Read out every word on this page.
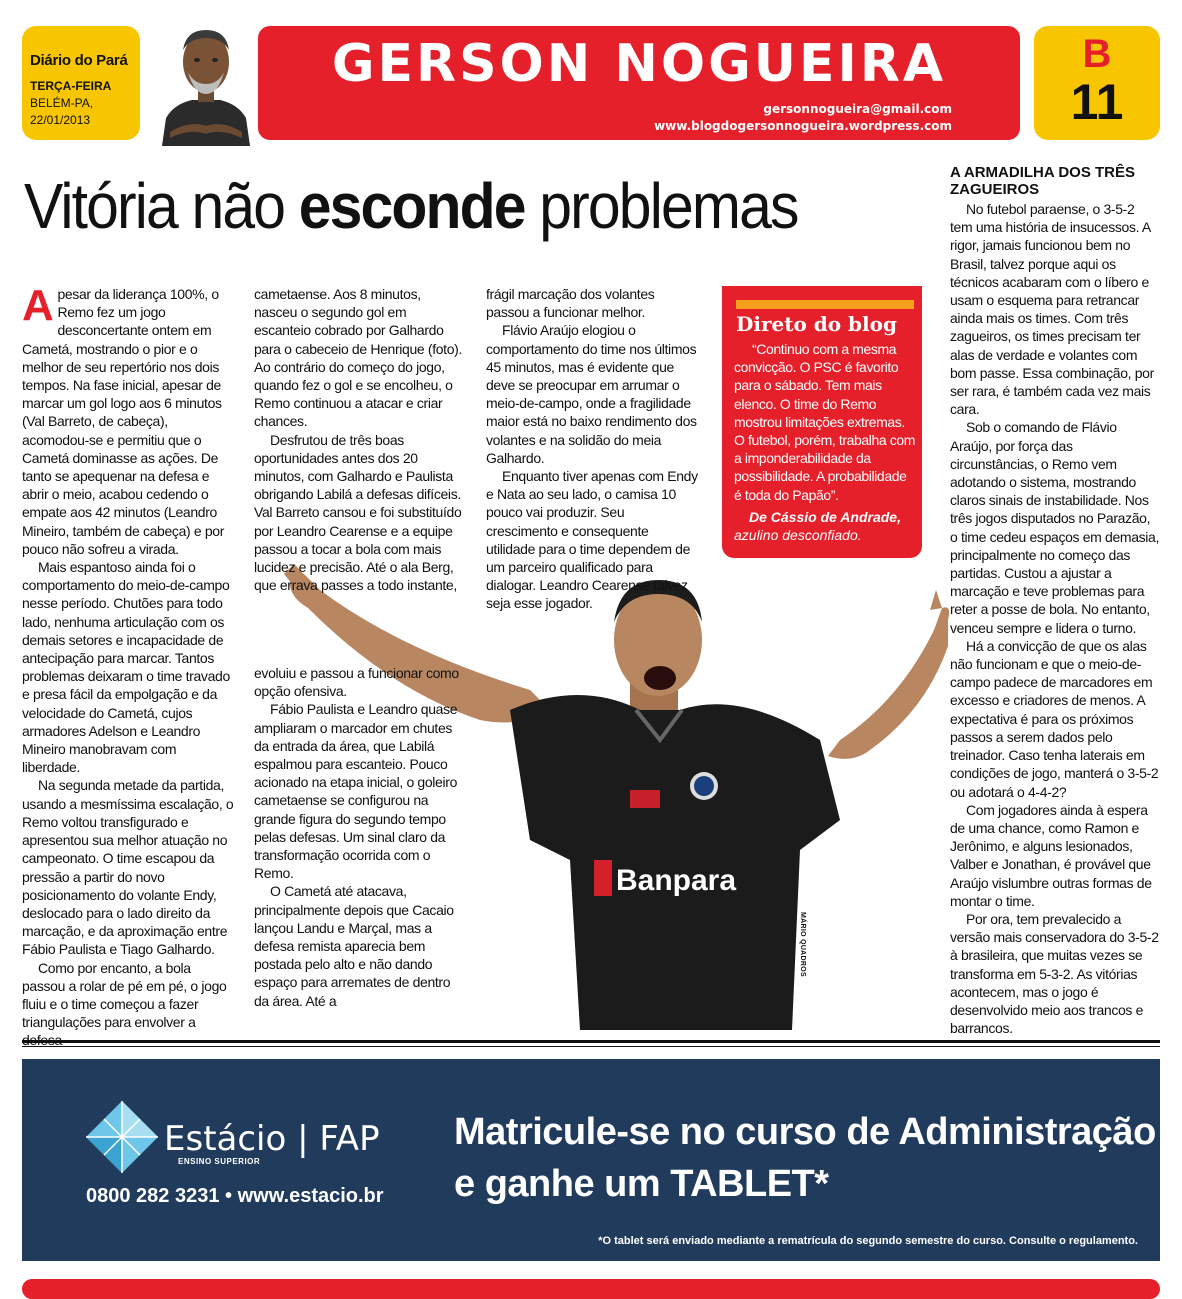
Diário do Pará
TERÇA-FEIRA
BELÉM-PA,
22/01/2013
GERSON NOGUEIRA
gersonnogueira@gmail.com
www.blogdogersonnogueira.wordpress.com
B
11
Vitória não esconde problemas
Banpara
MÁRIO QUADROS

Apesar da liderança 100%, o Remo fez um jogo desconcertante ontem em Cametá, mostrando o pior e o melhor de seu repertório nos dois tempos. Na fase inicial, apesar de marcar um gol logo aos 6 minutos (Val Barreto, de cabeça), acomodou-se e permitiu que o Cametá dominasse as ações. De tanto se apequenar na defesa e abrir o meio, acabou cedendo o empate aos 42 minutos (Leandro Mineiro, também de cabeça) e por pouco não sofreu a virada.

Mais espantoso ainda foi o comportamento do meio-de-campo nesse período. Chutões para todo lado, nenhuma articulação com os demais setores e incapacidade de antecipação para marcar. Tantos problemas deixaram o time travado e presa fácil da empolgação e da velocidade do Cametá, cujos armadores Adelson e Leandro Mineiro manobravam com liberdade.

Na segunda metade da partida, usando a mesmíssima escalação, o Remo voltou transfigurado e apresentou sua melhor atuação no campeonato. O time escapou da pressão a partir do novo posicionamento do volante Endy, deslocado para o lado direito da marcação, e da aproximação entre Fábio Paulista e Tiago Galhardo.

Como por encanto, a bola passou a rolar de pé em pé, o jogo fluiu e o time começou a fazer triangulações para envolver a

cametaense. Aos 8 minutos, nasceu o segundo gol em escanteio cobrado por Galhardo para o cabeceio de Henrique (foto). Ao contrário do começo do jogo, quando fez o gol e se encolheu, o Remo continuou a atacar e criar chances.

Desfrutou de três boas oportunidades antes dos 20 minutos, com Galhardo e Paulista obrigando Labilá a defesas difíceis. Val Barreto cansou e foi substituído por Leandro Cearense e a equipe passou a tocar a bola com mais lucidez e precisão. Até o ala Berg, que errava passes a todo instante,

evoluiu e passou a funcionar como opção ofensiva.

Fábio Paulista e Leandro quase ampliaram o marcador em chutes da entrada da área, que Labilá espalmou para escanteio. Pouco acionado na etapa inicial, o goleiro cametaense se configurou na grande figura do segundo tempo pelas defesas. Um sinal claro da transformação ocorrida com o Remo.

O Cametá até atacava, principalmente depois que Cacaio lançou Landu e Marçal, mas a defesa remista aparecia bem postada pelo alto e não dando espaço para arremates de dentro da área. Até a

frágil marcação dos volantes passou a funcionar melhor.

Flávio Araújo elogiou o comportamento do time nos últimos 45 minutos, mas é evidente que deve se preocupar em arrumar o meio-de-campo, onde a fragilidade maior está no baixo rendimento dos volantes e na solidão do meia Galhardo.

Enquanto tiver apenas com Endy e Nata ao seu lado, o camisa 10 pouco vai produzir. Seu crescimento e consequente utilidade para o time dependem de um parceiro qualificado para dialogar. Leandro Cearense talvez seja esse jogador.

Direto do blog

“Continuo com a mesma convicção. O PSC é favorito para o sábado. Tem mais elenco. O time do Remo mostrou limitações extremas. O futebol, porém, trabalha com a imponderabilidade da possibilidade. A probabilidade é toda do Papão”.

De Cássio de Andrade,
azulino desconfiado.
A ARMADILHA DOS TRÊS ZAGUEIROS

No futebol paraense, o 3-5-2 tem uma história de insucessos. A rigor, jamais funcionou bem no Brasil, talvez porque aqui os técnicos acabaram com o líbero e usam o esquema para retrancar ainda mais os times. Com três zagueiros, os times precisam ter alas de verdade e volantes com bom passe. Essa combinação, por ser rara, é também cada vez mais cara.

Sob o comando de Flávio Araújo, por força das circunstâncias, o Remo vem adotando o sistema, mostrando claros sinais de instabilidade. Nos três jogos disputados no Parazão, o time cedeu espaços em demasia, principalmente no começo das partidas. Custou a ajustar a marcação e teve problemas para reter a posse de bola. No entanto, venceu sempre e lidera o turno.

Há a convicção de que os alas não funcionam e que o meio-de-campo padece de marcadores em excesso e criadores de menos. A expectativa é para os próximos passos a serem dados pelo treinador. Caso tenha laterais em condições de jogo, manterá o 3-5-2 ou adotará o 4-4-2?

Com jogadores ainda à espera de uma chance, como Ramon e Jerônimo, e alguns lesionados, Valber e Jonathan, é provável que Araújo vislumbre outras formas de montar o time.

Por ora, tem prevalecido a versão mais conservadora do 3-5-2 à brasileira, que muitas vezes se transforma em 5-3-2. As vitórias acontecem, mas o jogo é desenvolvido meio aos trancos e barrancos.

Estácio | FAP
ENSINO SUPERIOR
0800 282 3231 • www.estacio.br
Matricule-se no curso de Administração
e ganhe um TABLET*
*O tablet será enviado mediante a rematrícula do segundo semestre do curso. Consulte o regulamento.
